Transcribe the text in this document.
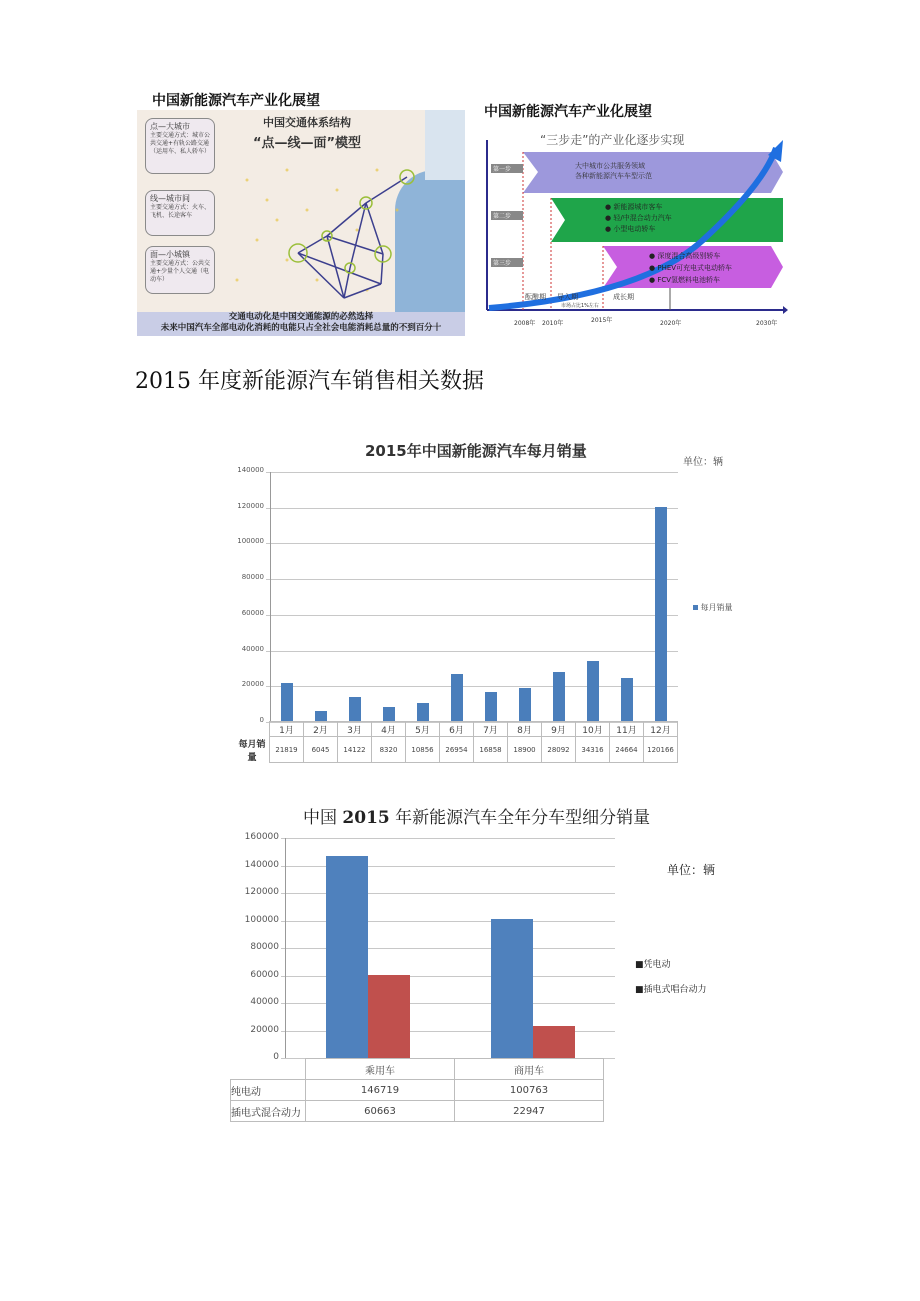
中国新能源汽车产业化展望
中国交通体系结构
“点—线—面”模型
点—大城市
主要交通方式：城市公共交通+有轨公路交通（运用车、私人轿车）
线—城市间
主要交通方式：火车、飞机、长途客车
面—小城镇
主要交通方式：公共交通+少量个人交通（电动车）
交通电动化是中国交通能源的必然选择
未来中国汽车全部电动化消耗的电能只占全社会电能消耗总量的不到百分十
中国新能源汽车产业化展望
“三步走”的产业化逐步实现
第一步
第二步
第三步
大中城市公共服务领域
各种新能源汽车车型示范
● 新能源城市客车
● 轻/中混合动力汽车
● 小型电动轿车
● 深度混合高级别轿车
● PHEV可充电式电动轿车
● FCV氢燃料电池轿车
酝酿期 导入期
市场占比1%左右
成长期
2008年 2010年	2015年	2020年	2030年
2015 年度新能源汽车销售相关数据
2015年中国新能源汽车每月销量
单位：辆
0
20000
40000
60000
80000
100000
120000
140000
每月销量
	1月	2月	3月	4月	5月	6月	7月	8月	9月	10月	11月	12月
每月销量	21819	6045	14122	8320	10856	26954	16858	18900	28092	34316	24664	120166
中国 2015 年新能源汽车全年分车型细分销量
单位：辆
0
20000
40000
60000
80000
100000
120000
140000
160000
■凭电动
■插电式唱台动力
	乘用车	商用车
纯电动	146719	100763
插电式混合动力	60663	22947
